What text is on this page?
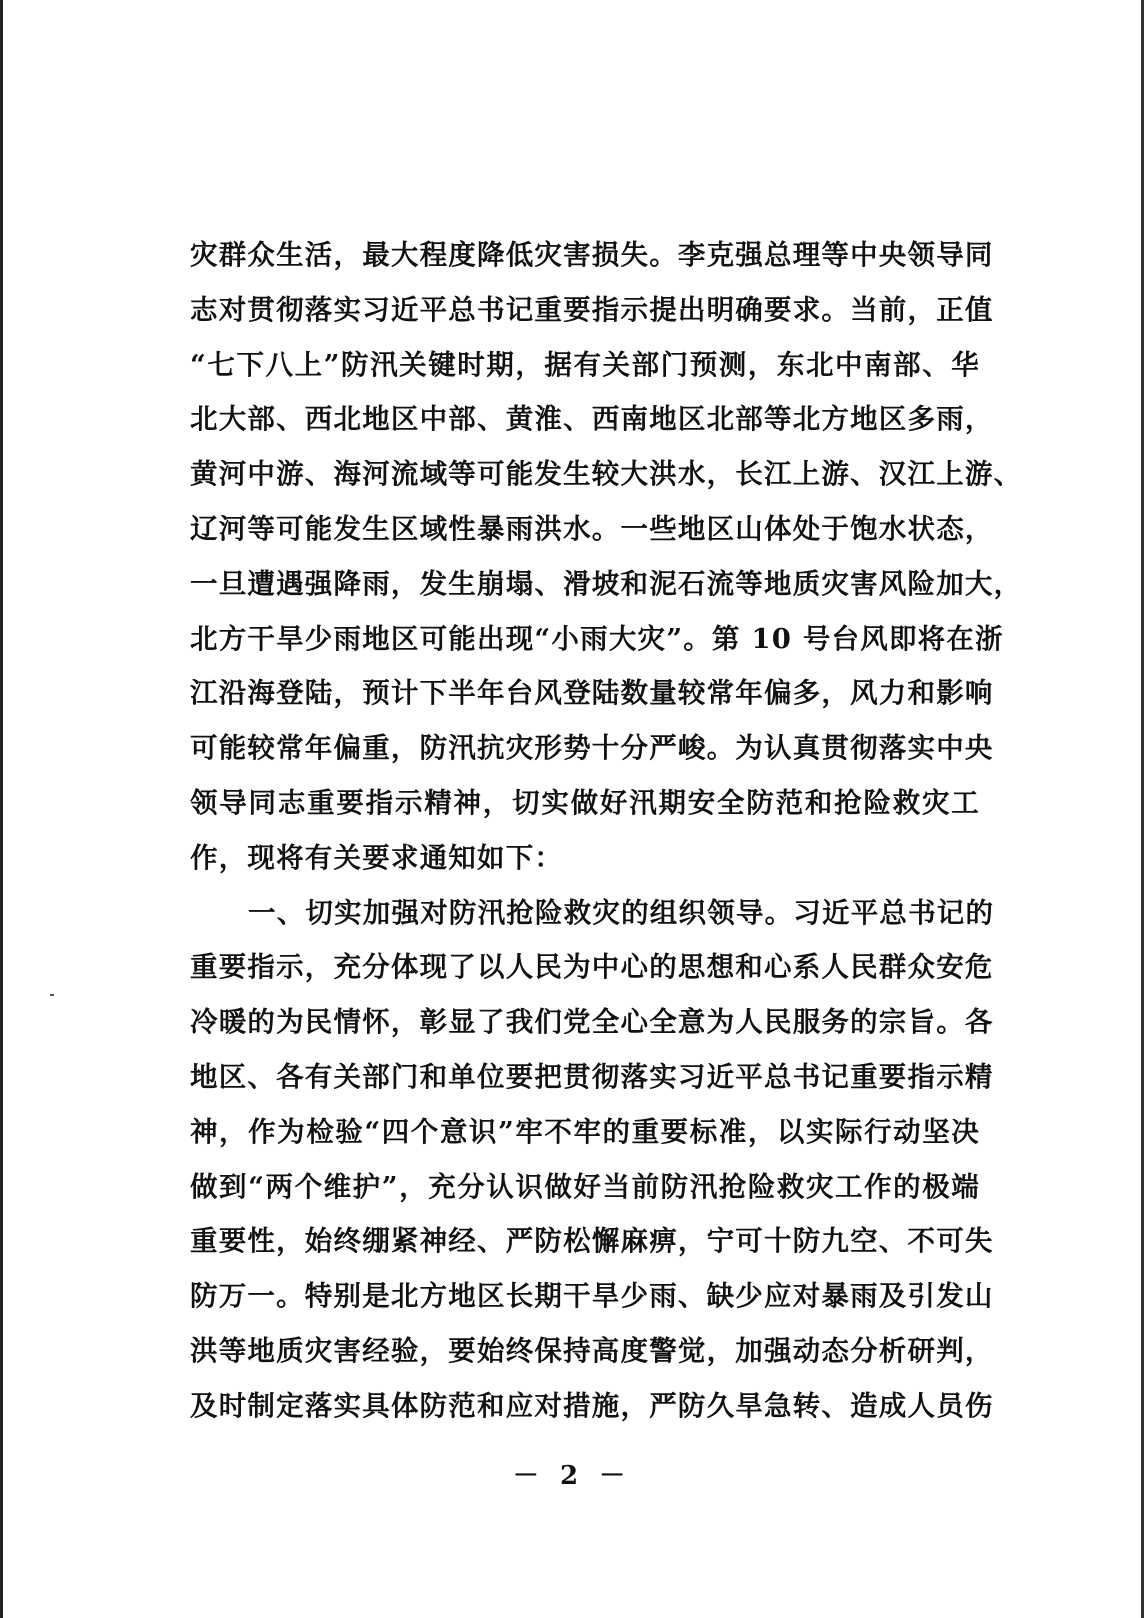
灾群众生活，最大程度降低灾害损失。李克强总理等中央领导同
志对贯彻落实习近平总书记重要指示提出明确要求。当前，正值
“七下八上”防汛关键时期，据有关部门预测，东北中南部、华
北大部、西北地区中部、黄淮、西南地区北部等北方地区多雨，
黄河中游、海河流域等可能发生较大洪水，长江上游、汉江上游、
辽河等可能发生区域性暴雨洪水。一些地区山体处于饱水状态，
一旦遭遇强降雨，发生崩塌、滑坡和泥石流等地质灾害风险加大，
北方干旱少雨地区可能出现“小雨大灾”。第 10 号台风即将在浙
江沿海登陆，预计下半年台风登陆数量较常年偏多，风力和影响
可能较常年偏重，防汛抗灾形势十分严峻。为认真贯彻落实中央
领导同志重要指示精神，切实做好汛期安全防范和抢险救灾工
作，现将有关要求通知如下：
一、切实加强对防汛抢险救灾的组织领导。习近平总书记的
重要指示，充分体现了以人民为中心的思想和心系人民群众安危
冷暖的为民情怀，彰显了我们党全心全意为人民服务的宗旨。各
地区、各有关部门和单位要把贯彻落实习近平总书记重要指示精
神，作为检验“四个意识”牢不牢的重要标准，以实际行动坚决
做到“两个维护”，充分认识做好当前防汛抢险救灾工作的极端
重要性，始终绷紧神经、严防松懈麻痹，宁可十防九空、不可失
防万一。特别是北方地区长期干旱少雨、缺少应对暴雨及引发山
洪等地质灾害经验，要始终保持高度警觉，加强动态分析研判，
及时制定落实具体防范和应对措施，严防久旱急转、造成人员伤
－ 2 －
